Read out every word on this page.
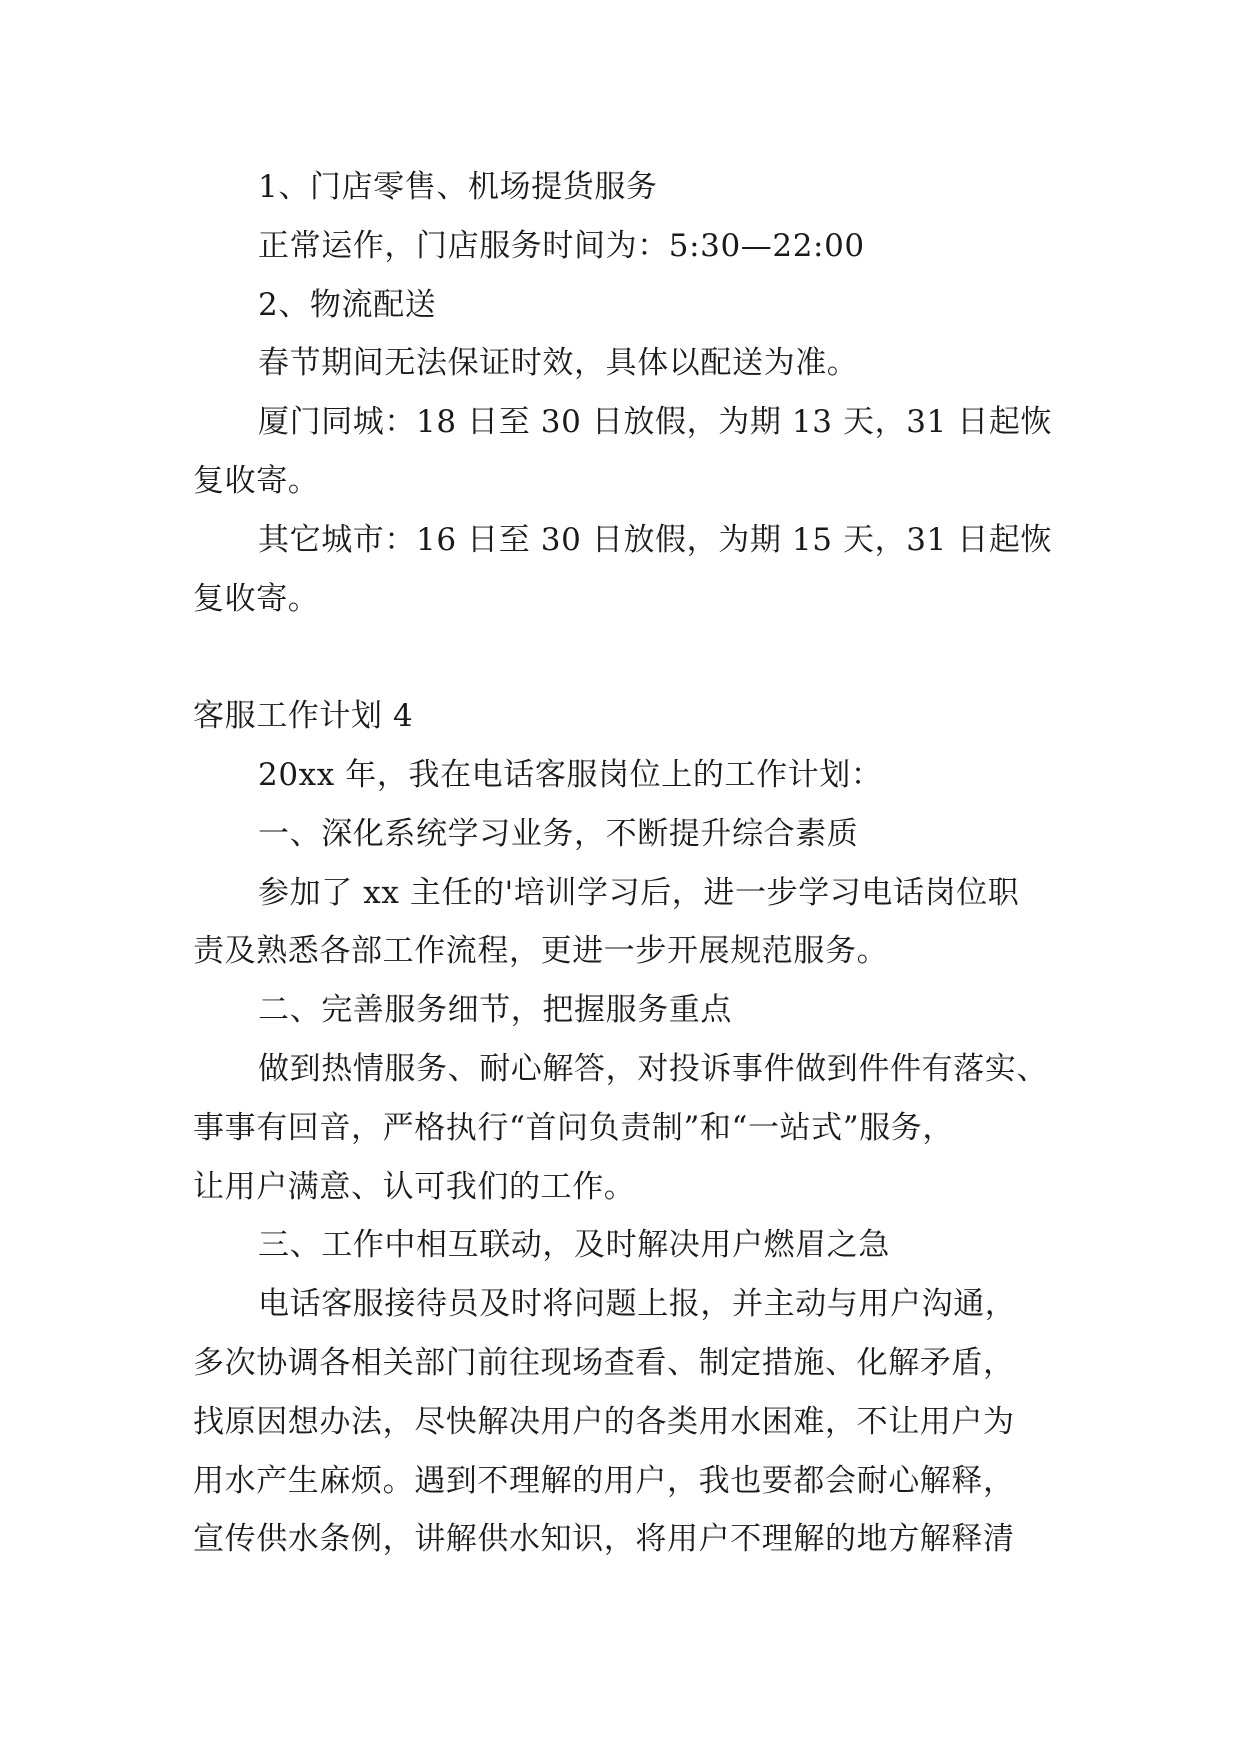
1、门店零售、机场提货服务
正常运作，门店服务时间为：5:30—22:00
2、物流配送
春节期间无法保证时效，具体以配送为准。
厦门同城：18 日至 30 日放假，为期 13 天，31 日起恢
复收寄。
其它城市：16 日至 30 日放假，为期 15 天，31 日起恢
复收寄。
客服工作计划 4
20xx 年，我在电话客服岗位上的工作计划：
一、深化系统学习业务，不断提升综合素质
参加了 xx 主任的'培训学习后，进一步学习电话岗位职
责及熟悉各部工作流程，更进一步开展规范服务。
二、完善服务细节，把握服务重点
做到热情服务、耐心解答，对投诉事件做到件件有落实、
事事有回音，严格执行“首问负责制”和“一站式”服务，
让用户满意、认可我们的工作。
三、工作中相互联动，及时解决用户燃眉之急
电话客服接待员及时将问题上报，并主动与用户沟通，
多次协调各相关部门前往现场查看、制定措施、化解矛盾，
找原因想办法，尽快解决用户的各类用水困难，不让用户为
用水产生麻烦。遇到不理解的用户，我也要都会耐心解释，
宣传供水条例，讲解供水知识，将用户不理解的地方解释清
